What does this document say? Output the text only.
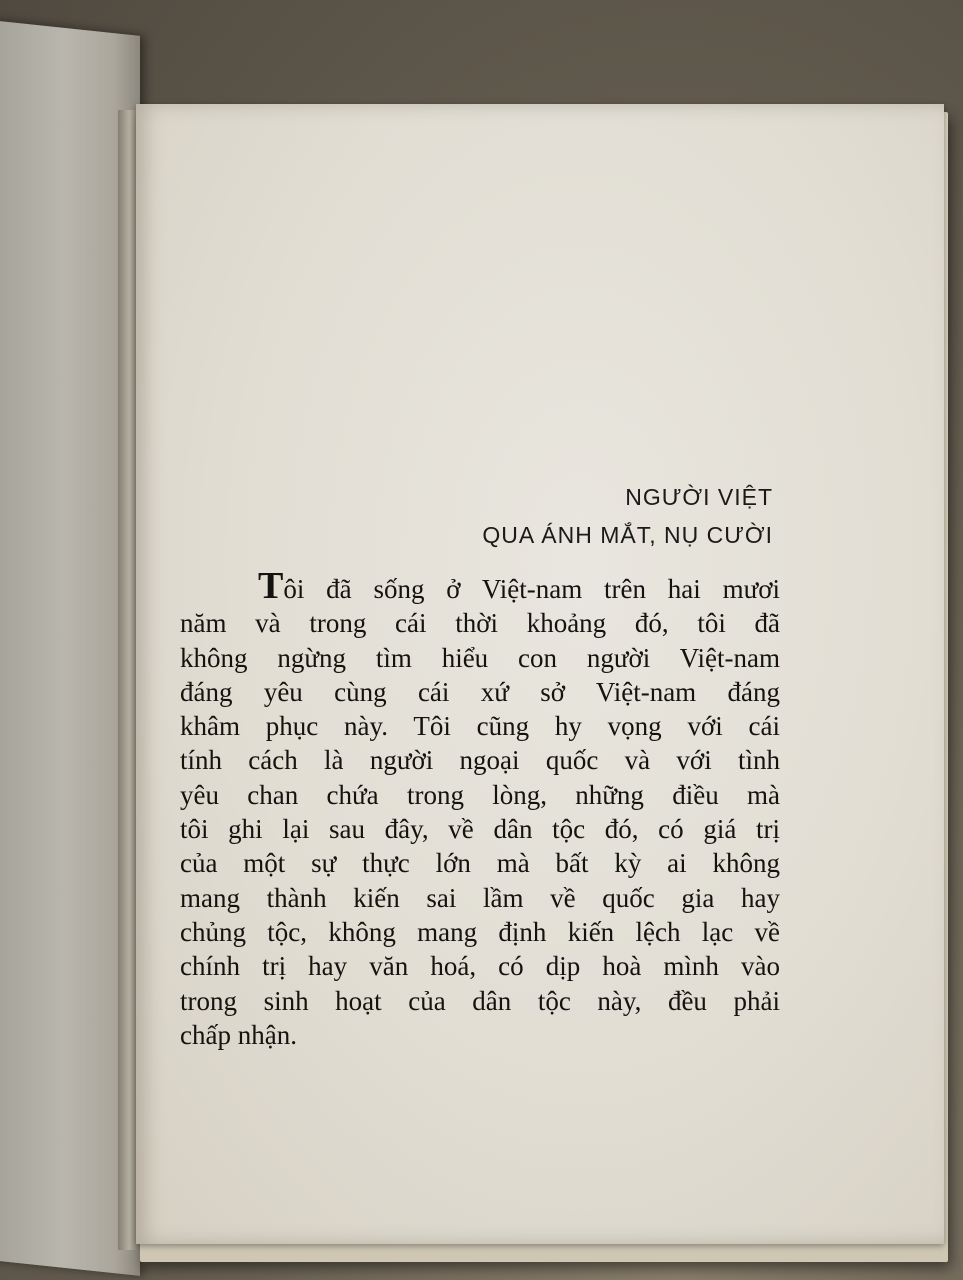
NGƯỜI VIỆT
QUA ÁNH MẮT, NỤ CƯỜI
Tôi đã sống ở Việt-nam trên hai mươi
năm và trong cái thời khoảng đó, tôi đã
không ngừng tìm hiểu con người Việt-nam
đáng yêu cùng cái xứ sở Việt-nam đáng
khâm phục này. Tôi cũng hy vọng với cái
tính cách là người ngoại quốc và với tình
yêu chan chứa trong lòng, những điều mà
tôi ghi lại sau đây, về dân tộc đó, có giá trị
của một sự thực lớn mà bất kỳ ai không
mang thành kiến sai lầm về quốc gia hay
chủng tộc, không mang định kiến lệch lạc về
chính trị hay văn hoá, có dịp hoà mình vào
trong sinh hoạt của dân tộc này, đều phải
chấp nhận.
